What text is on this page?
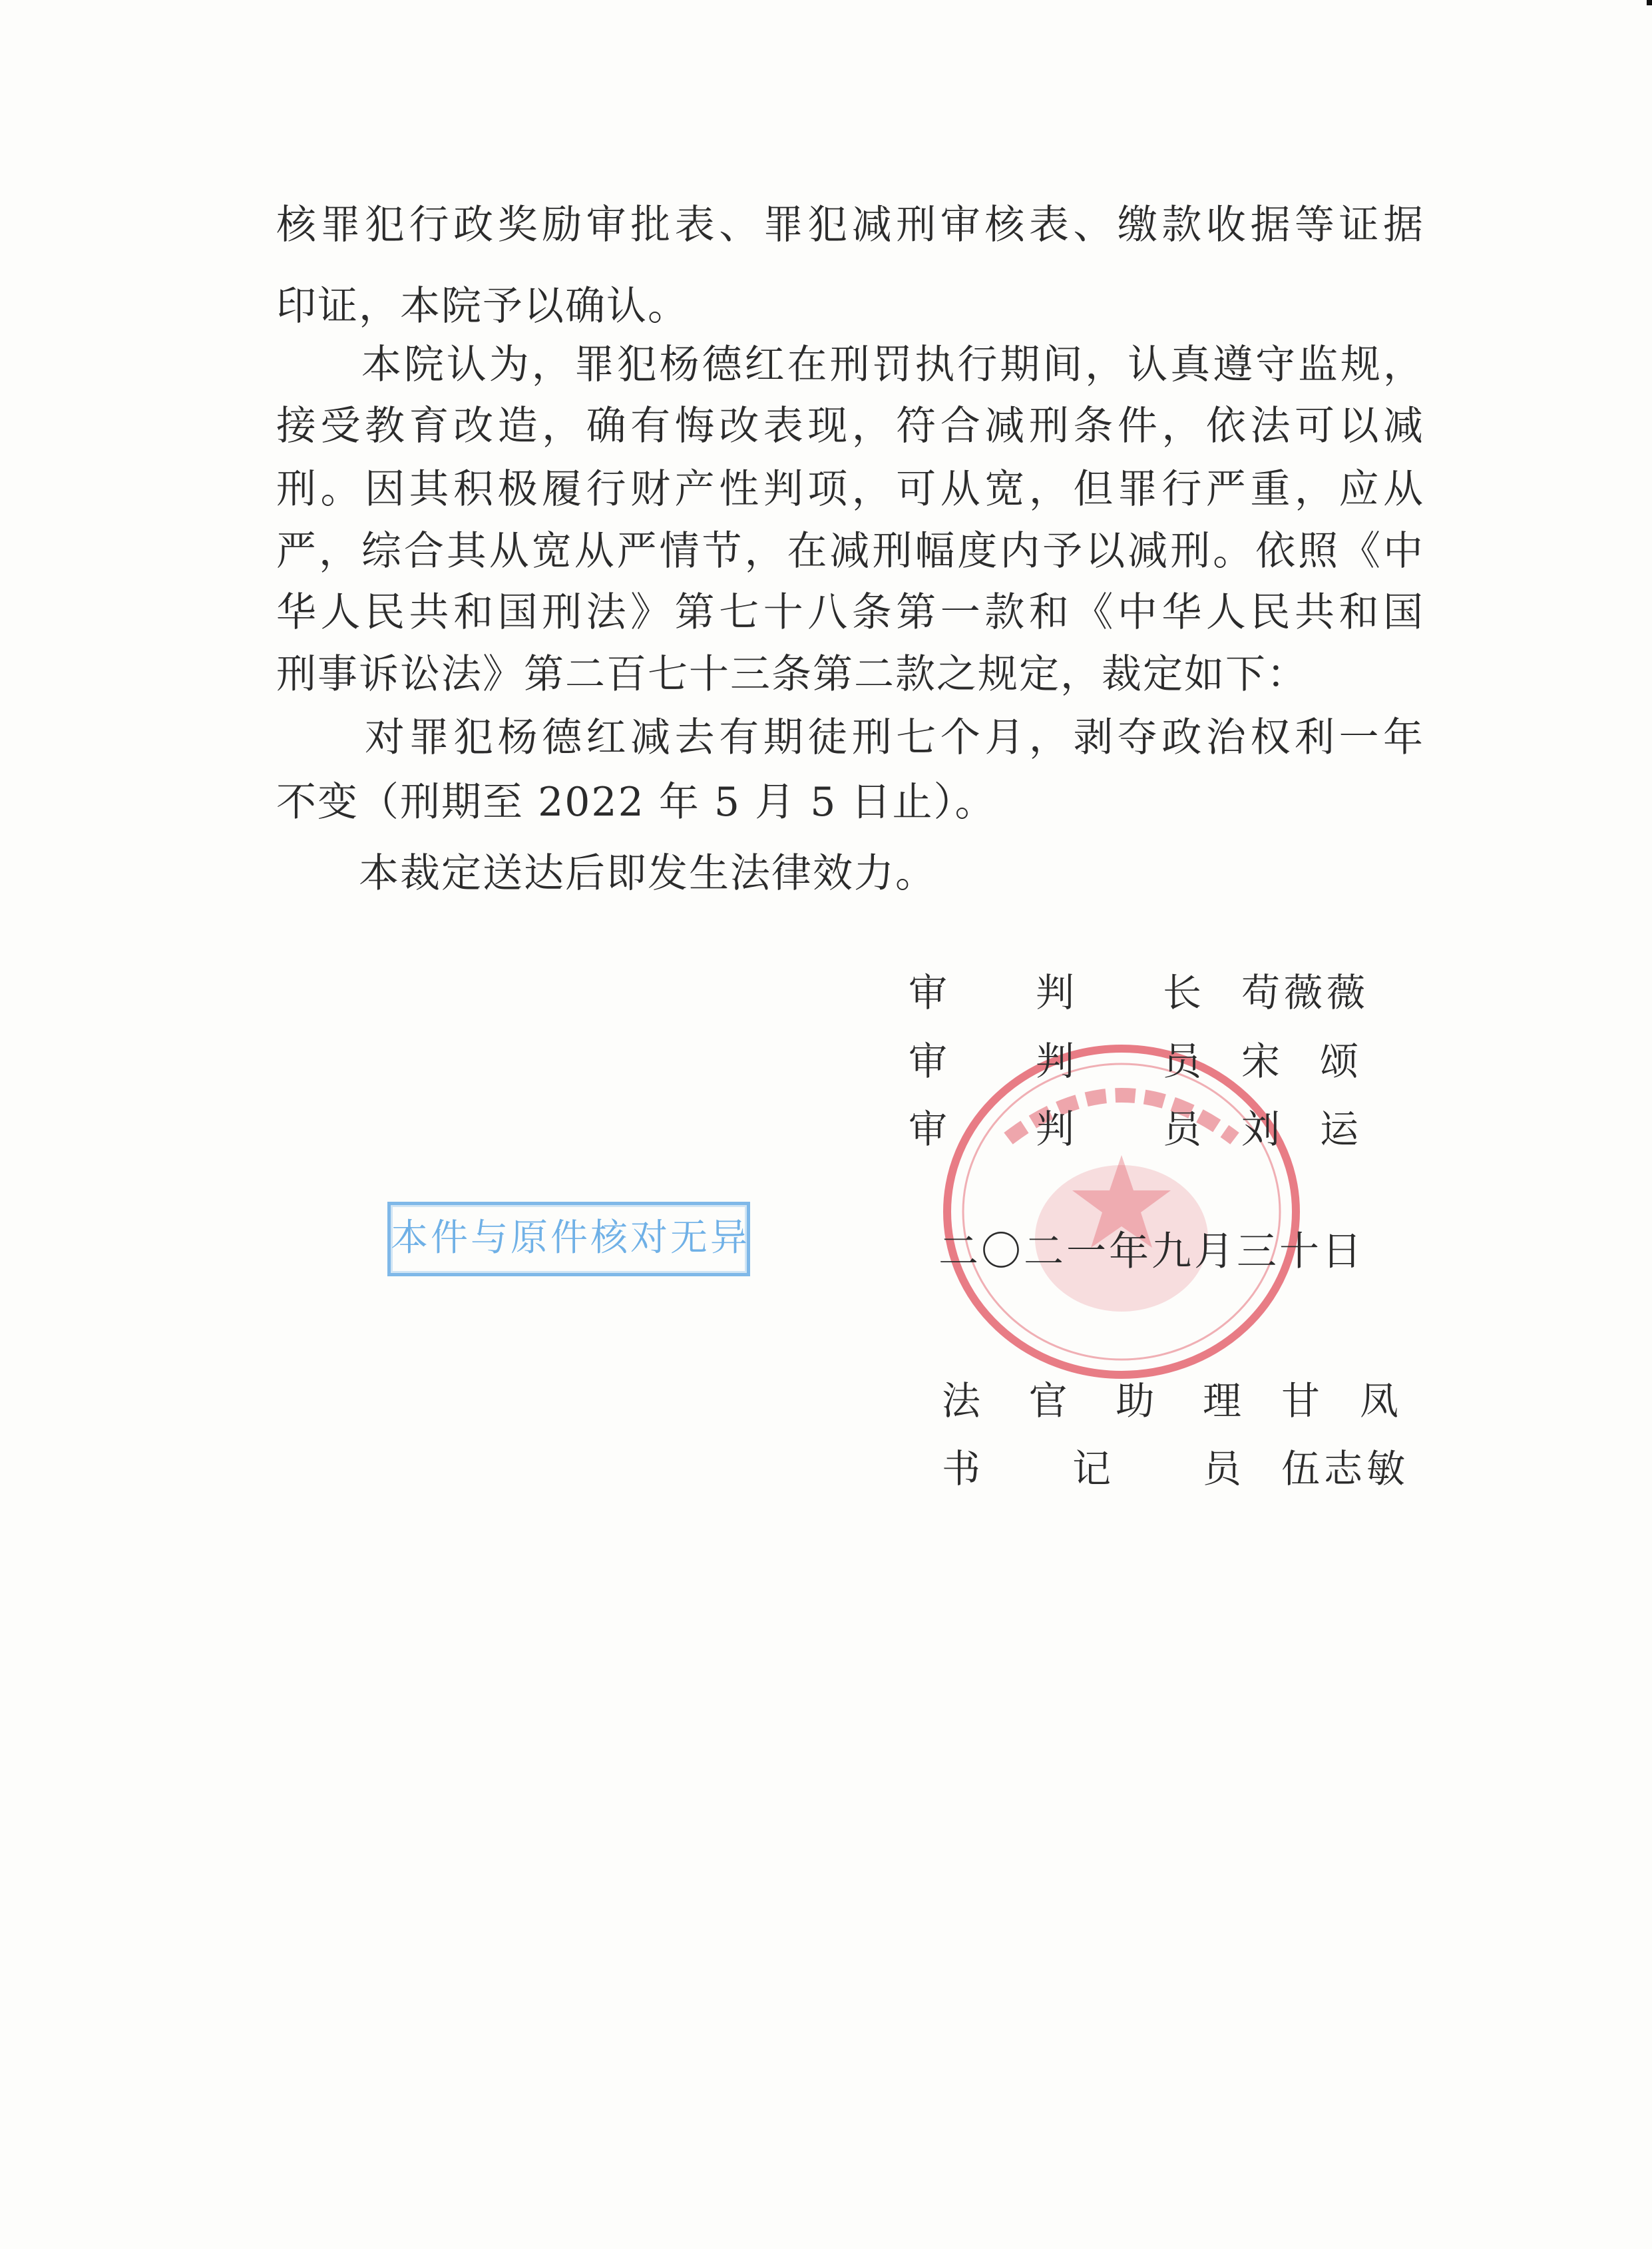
核罪犯行政奖励审批表、罪犯减刑审核表、缴款收据等证据
印证，本院予以确认。
　　本院认为，罪犯杨德红在刑罚执行期间，认真遵守监规，
接受教育改造，确有悔改表现，符合减刑条件，依法可以减
刑。因其积极履行财产性判项，可从宽，但罪行严重，应从
严，综合其从宽从严情节，在减刑幅度内予以减刑。依照《中
华人民共和国刑法》第七十八条第一款和《中华人民共和国
刑事诉讼法》第二百七十三条第二款之规定，裁定如下：
　　对罪犯杨德红减去有期徒刑七个月，剥夺政治权利一年
不变（刑期至 2022 年 5 月 5 日止）。
　　本裁定送达后即发生法律效力。
审判长 苟薇薇
审判员 宋颂
审判员 刘运
本件与原件核对无异	二〇二一年九月三十日
法官助理 甘凤
书记员 伍志敏
